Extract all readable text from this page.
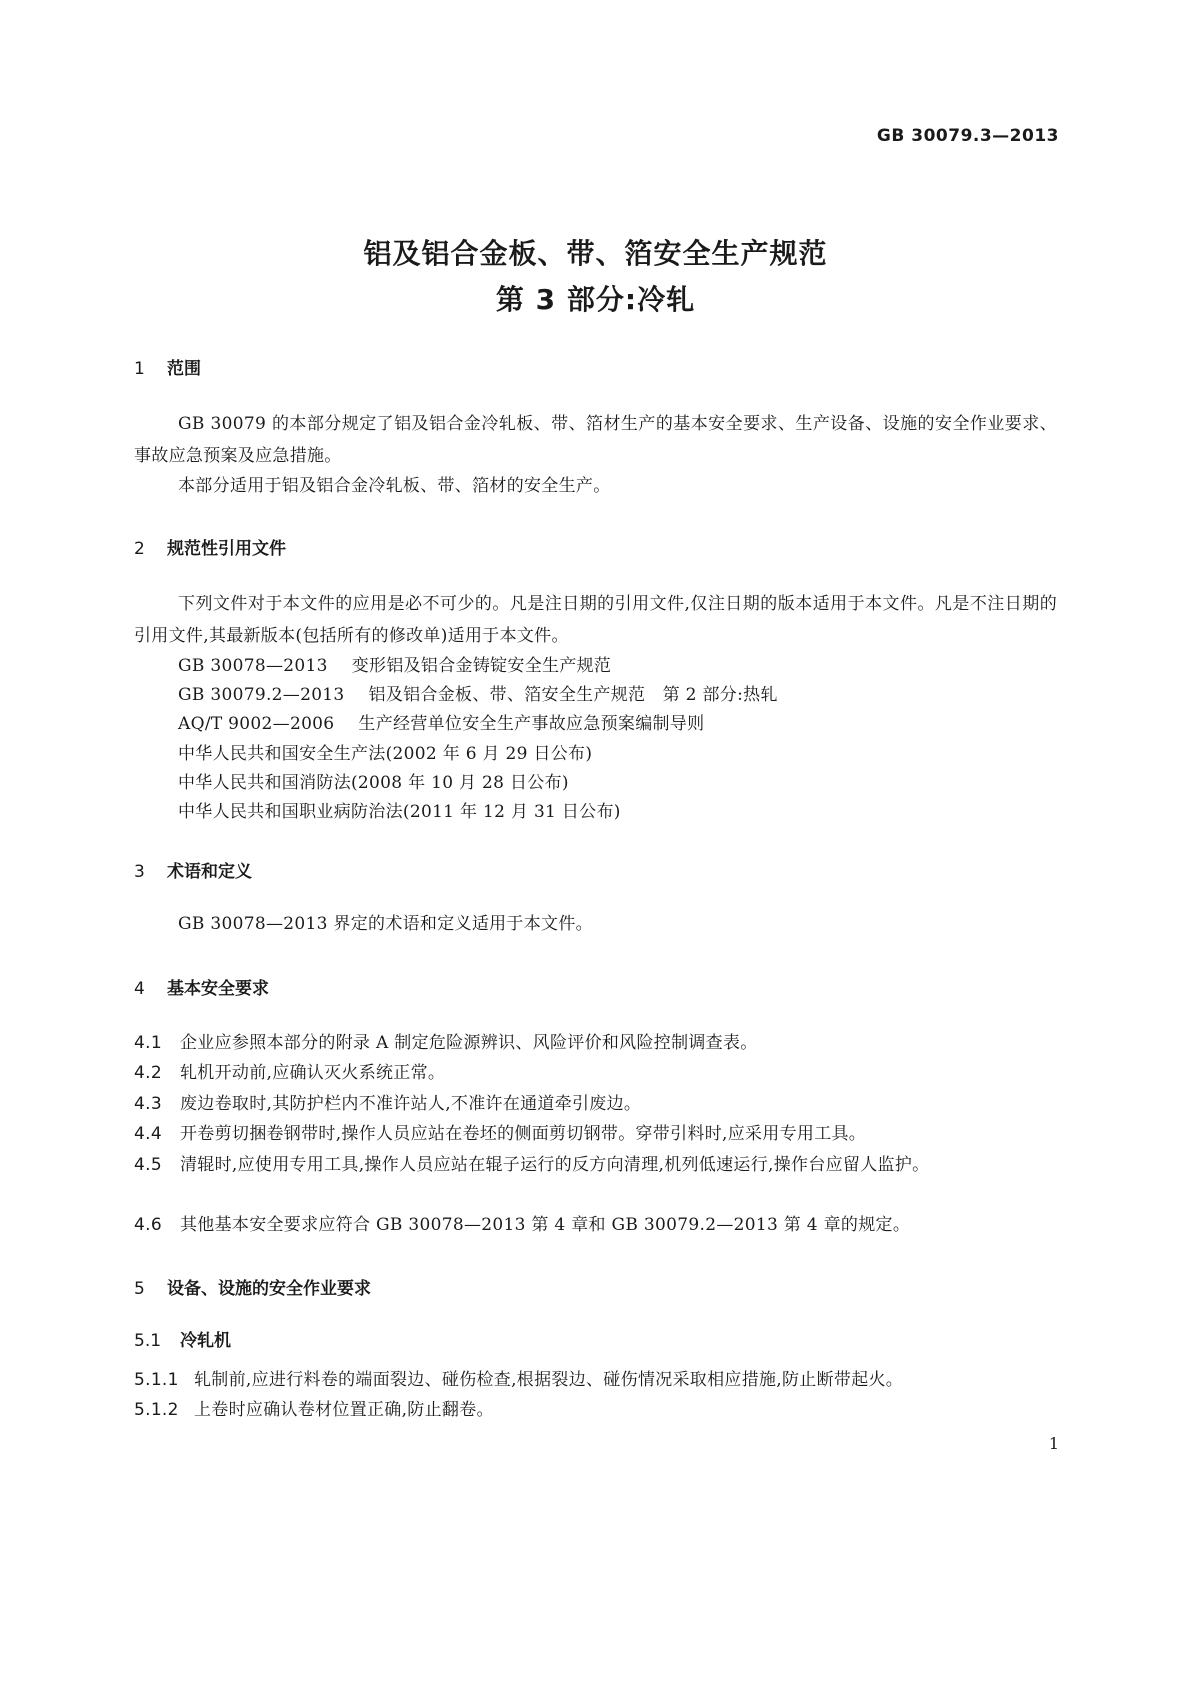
GB 30079.3—2013
铝及铝合金板、带、箔安全生产规范
第 3 部分:冷轧
1 范围
GB 30079 的本部分规定了铝及铝合金冷轧板、带、箔材生产的基本安全要求、生产设备、设施的安全作业要求、事故应急预案及应急措施。
本部分适用于铝及铝合金冷轧板、带、箔材的安全生产。
2 规范性引用文件
下列文件对于本文件的应用是必不可少的。凡是注日期的引用文件,仅注日期的版本适用于本文件。凡是不注日期的引用文件,其最新版本(包括所有的修改单)适用于本文件。
GB 30078—2013 变形铝及铝合金铸锭安全生产规范
GB 30079.2—2013 铝及铝合金板、带、箔安全生产规范　第 2 部分:热轧
AQ/T 9002—2006 生产经营单位安全生产事故应急预案编制导则
中华人民共和国安全生产法(2002 年 6 月 29 日公布)
中华人民共和国消防法(2008 年 10 月 28 日公布)
中华人民共和国职业病防治法(2011 年 12 月 31 日公布)
3 术语和定义
GB 30078—2013 界定的术语和定义适用于本文件。
4 基本安全要求
4.1 企业应参照本部分的附录 A 制定危险源辨识、风险评价和风险控制调查表。
4.2 轧机开动前,应确认灭火系统正常。
4.3 废边卷取时,其防护栏内不准许站人,不准许在通道牵引废边。
4.4 开卷剪切捆卷钢带时,操作人员应站在卷坯的侧面剪切钢带。穿带引料时,应采用专用工具。
4.5 清辊时,应使用专用工具,操作人员应站在辊子运行的反方向清理,机列低速运行,操作台应留人监护。
4.6 其他基本安全要求应符合 GB 30078—2013 第 4 章和 GB 30079.2—2013 第 4 章的规定。
5 设备、设施的安全作业要求
5.1 冷轧机
5.1.1 轧制前,应进行料卷的端面裂边、碰伤检查,根据裂边、碰伤情况采取相应措施,防止断带起火。
5.1.2 上卷时应确认卷材位置正确,防止翻卷。
1
